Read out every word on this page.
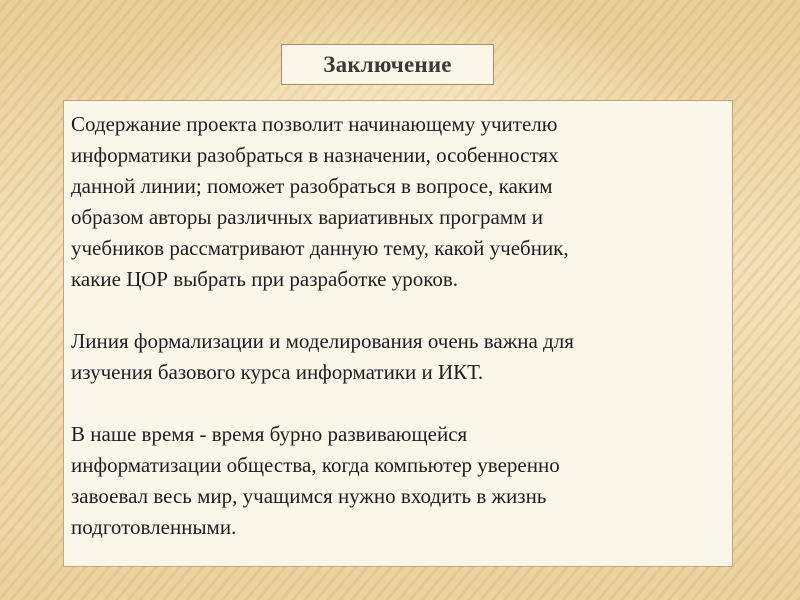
Заключение

Содержание проекта позволит начинающему учителю
информатики разобраться в назначении, особенностях
данной линии; поможет разобраться в вопросе, каким
образом авторы различных вариативных программ и
учебников рассматривают данную тему, какой учебник,
какие ЦОР выбрать при разработке уроков.

Линия формализации и моделирования очень важна для
изучения базового курса информатики и ИКТ.

В наше время - время бурно развивающейся
информатизации общества, когда компьютер уверенно
завоевал весь мир, учащимся нужно входить в жизнь
подготовленными.
